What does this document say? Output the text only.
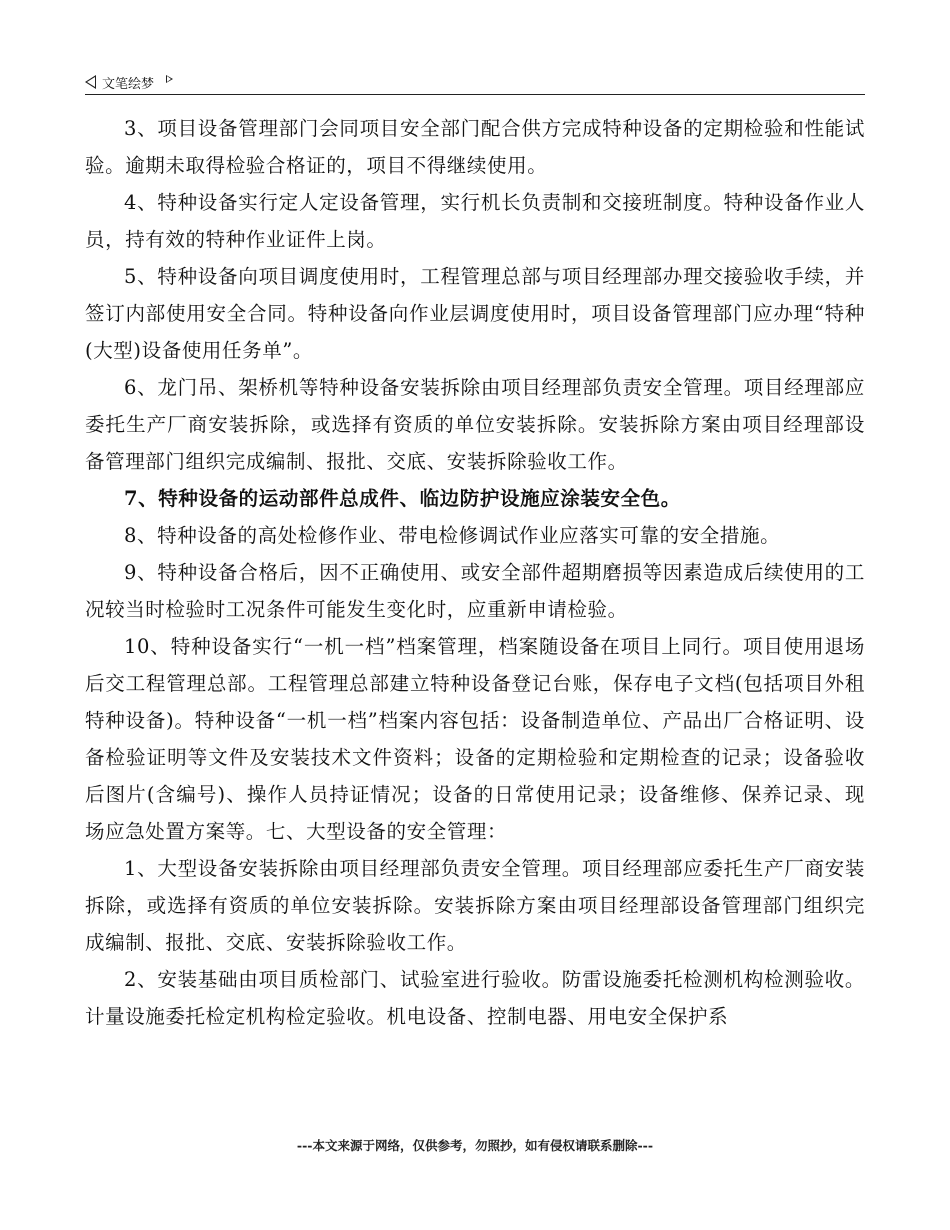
文笔绘梦

3、项目设备管理部门会同项目安全部门配合供方完成特种设备的定期检验和性能试验。逾期未取得检验合格证的，项目不得继续使用。

4、特种设备实行定人定设备管理，实行机长负责制和交接班制度。特种设备作业人员，持有效的特种作业证件上岗。

5、特种设备向项目调度使用时，工程管理总部与项目经理部办理交接验收手续，并签订内部使用安全合同。特种设备向作业层调度使用时，项目设备管理部门应办理“特种(大型)设备使用任务单”。

6、龙门吊、架桥机等特种设备安装拆除由项目经理部负责安全管理。项目经理部应委托生产厂商安装拆除，或选择有资质的单位安装拆除。安装拆除方案由项目经理部设备管理部门组织完成编制、报批、交底、安装拆除验收工作。

7、特种设备的运动部件总成件、临边防护设施应涂装安全色。

8、特种设备的高处检修作业、带电检修调试作业应落实可靠的安全措施。

9、特种设备合格后，因不正确使用、或安全部件超期磨损等因素造成后续使用的工况较当时检验时工况条件可能发生变化时，应重新申请检验。

10、特种设备实行“一机一档”档案管理，档案随设备在项目上同行。项目使用退场后交工程管理总部。工程管理总部建立特种设备登记台账，保存电子文档(包括项目外租特种设备)。特种设备“一机一档”档案内容包括：设备制造单位、产品出厂合格证明、设备检验证明等文件及安装技术文件资料；设备的定期检验和定期检查的记录；设备验收后图片(含编号)、操作人员持证情况；设备的日常使用记录；设备维修、保养记录、现场应急处置方案等。七、大型设备的安全管理：

1、大型设备安装拆除由项目经理部负责安全管理。项目经理部应委托生产厂商安装拆除，或选择有资质的单位安装拆除。安装拆除方案由项目经理部设备管理部门组织完成编制、报批、交底、安装拆除验收工作。

2、安装基础由项目质检部门、试验室进行验收。防雷设施委托检测机构检测验收。计量设施委托检定机构检定验收。机电设备、控制电器、用电安全保护系

---本文来源于网络，仅供参考，勿照抄，如有侵权请联系删除---
